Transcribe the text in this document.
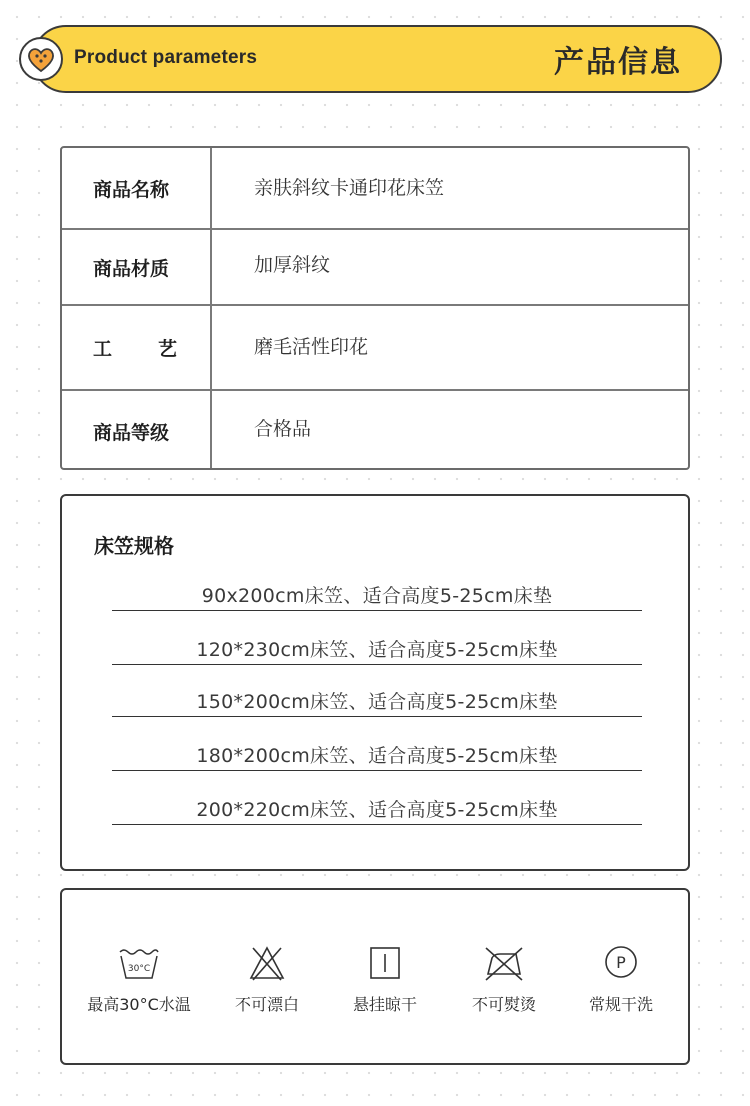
Product parameters	产品信息
商品名称	亲肤斜纹卡通印花床笠
商品材质	加厚斜纹
工 艺	磨毛活性印花
商品等级	合格品
床笠规格
90x200cm床笠、适合高度5-25cm床垫
120*230cm床笠、适合高度5-25cm床垫
150*200cm床笠、适合高度5-25cm床垫
180*200cm床笠、适合高度5-25cm床垫
200*220cm床笠、适合高度5-25cm床垫
30°C
最高30°C水温	不可漂白	悬挂晾干	不可熨烫
P
常规干洗
